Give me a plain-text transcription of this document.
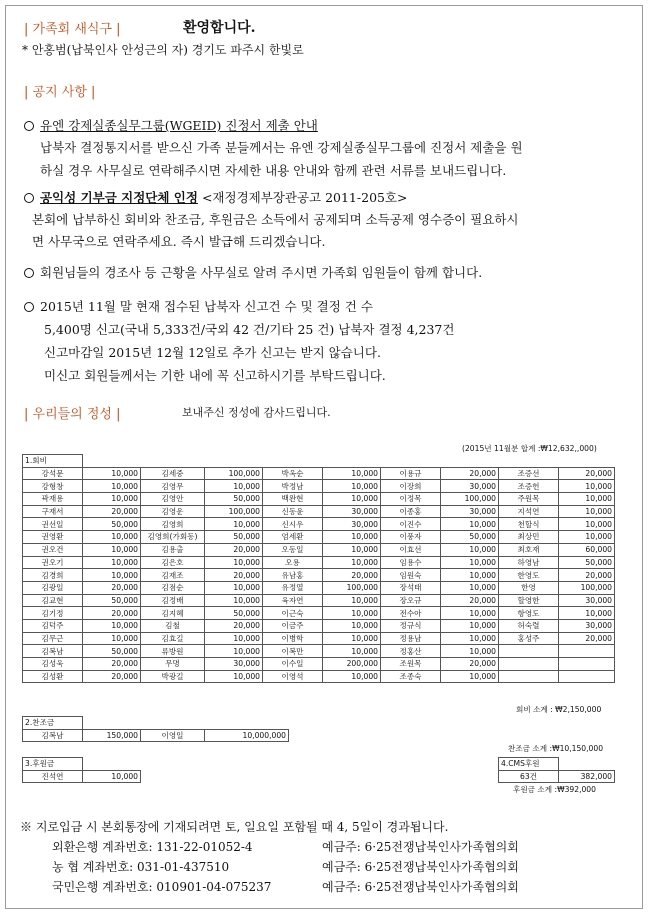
| 가족회 새식구 |	환영합니다.
* 안홍범(납북인사 안성근의 자) 경기도 파주시 한빛로
| 공지 사항 |
유엔 강제실종실무그룹(WGEID) 진정서 제출 안내
납북자 결정통지서를 받으신 가족 분들께서는 유엔 강제실종실무그룹에 진정서 제출을 원
하실 경우 사무실로 연락해주시면 자세한 내용 안내와 함께 관련 서류를 보내드립니다.
공익성 기부금 지정단체 인정 <재정경제부장관공고 2011-205호>
본회에 납부하신 회비와 찬조금, 후원금은 소득에서 공제되며 소득공제 영수증이 필요하시
면 사무국으로 연락주세요. 즉시 발급해 드리겠습니다.
회원님들의 경조사 등 근황을 사무실로 알려 주시면 가족회 임원들이 함께 합니다.
2015년 11월 말 현재 접수된 납북자 신고건 수 및 결정 건 수
5,400명 신고(국내 5,333건/국외 42 건/기타 25 건) 납북자 결정 4,237건
신고마감일 2015년 12월 12일로 추가 신고는 받지 않습니다.
미신고 회원들께서는 기한 내에 꼭 신고하시기를 부탁드립니다.
| 우리들의 정성 |	보내주신 정성에 감사드립니다.
(2015년 11월분 합계 :₩12,632,,000)
1.회비									
강석문	10,000	김세중	100,000	박옥순	10,000	이용규	20,000	조증선	20,000
강형창	10,000	김영무	10,000	박정남	10,000	이장희	30,000	조증헌	10,000
곽재용	10,000	김영안	50,000	백완현	10,000	이정목	100,000	주원목	10,000
구재서	20,000	김영운	100,000	신동윤	30,000	이종홍	30,000	지석연	10,000
권선일	50,000	김영희	10,000	신시우	30,000	이진수	10,000	천할식	10,000
권영환	10,000	김영희(가회동)	50,000	엄세환	10,000	이풍자	50,000	최상민	10,000
권오건	10,000	김용출	20,000	오동일	10,000	이효선	10,000	최호재	60,000
권오기	10,000	김은호	10,000	오용	10,000	임용수	10,000	하영남	50,000
김경희	10,000	김재조	20,000	유남홍	20,000	임원숙	10,000	한영도	20,000
김광일	20,000	김점순	10,000	유정열	100,000	장석태	10,000	한영	100,000
김교현	50,000	김정배	10,000	육자연	10,000	장오규	20,000	할영한	30,000
김기정	20,000	김지혜	50,000	이근숙	10,000	전수아	10,000	항영도	10,000
김덕주	10,000	김철	20,000	이금주	10,000	정규식	10,000	허숙렬	30,000
김무근	10,000	김효길	10,000	이병학	10,000	정용남	10,000	홍성주	20,000
김복남	50,000	류방원	10,000	이복만	10,000	정홍산	10,000		
김성욱	20,000	무명	30,000	이수일	200,000	조원목	20,000		
김성환	20,000	박광길	10,000	이영석	10,000	조종숙	10,000		
회비 소계 : ₩2,150,000
2.찬조금			
김복남	150,000	이영일	10,000,000
찬조금 소계 :₩10,150,000
3.후원금	
진석연	10,000
4.CMS후원	
63건	382,000
후원금 소계 :₩392,000
※ 지로입금 시 본회통장에 기재되려면 토, 일요일 포함될 때 4, 5일이 경과됩니다.
외환은행 계좌번호: 131-22-01052-4	예금주: 6·25전쟁납북인사가족협의회
농 협 계좌번호: 031-01-437510	예금주: 6·25전쟁납북인사가족협의회
국민은행 계좌번호: 010901-04-075237	예금주: 6·25전쟁납북인사가족협의회
